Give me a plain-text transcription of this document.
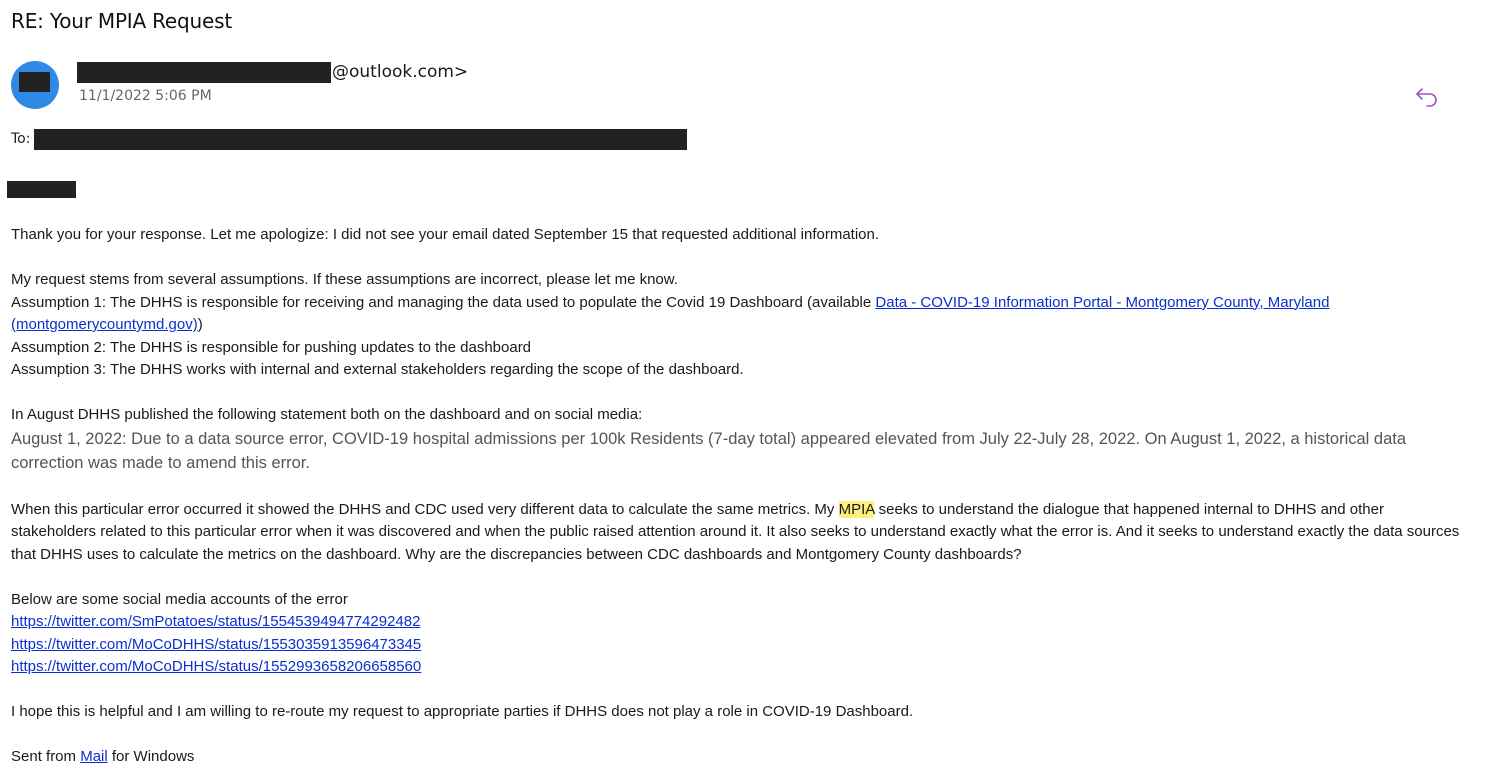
RE: Your MPIA Request
@outlook.com>
11/1/2022 5:06 PM
To:

Thank you for your response. Let me apologize: I did not see your email dated September 15 that requested additional information.

My request stems from several assumptions. If these assumptions are incorrect, please let me know.

Assumption 1: The DHHS is responsible for receiving and managing the data used to populate the Covid 19 Dashboard (available Data - COVID-19 Information Portal - Montgomery County, Maryland (montgomerycountymd.gov))

Assumption 2: The DHHS is responsible for pushing updates to the dashboard

Assumption 3: The DHHS works with internal and external stakeholders regarding the scope of the dashboard.

In August DHHS published the following statement both on the dashboard and on social media:

August 1, 2022: Due to a data source error, COVID-19 hospital admissions per 100k Residents (7-day total) appeared elevated from July 22-July 28, 2022. On August 1, 2022, a historical data correction was made to amend this error.

When this particular error occurred it showed the DHHS and CDC used very different data to calculate the same metrics. My MPIA seeks to understand the dialogue that happened internal to DHHS and other stakeholders related to this particular error when it was discovered and when the public raised attention around it. It also seeks to understand exactly what the error is. And it seeks to understand exactly the data sources that DHHS uses to calculate the metrics on the dashboard. Why are the discrepancies between CDC dashboards and Montgomery County dashboards?

Below are some social media accounts of the error

https://twitter.com/SmPotatoes/status/1554539494774292482

https://twitter.com/MoCoDHHS/status/1553035913596473345

https://twitter.com/MoCoDHHS/status/1552993658206658560

I hope this is helpful and I am willing to re-route my request to appropriate parties if DHHS does not play a role in COVID-19 Dashboard.

Sent from Mail for Windows
